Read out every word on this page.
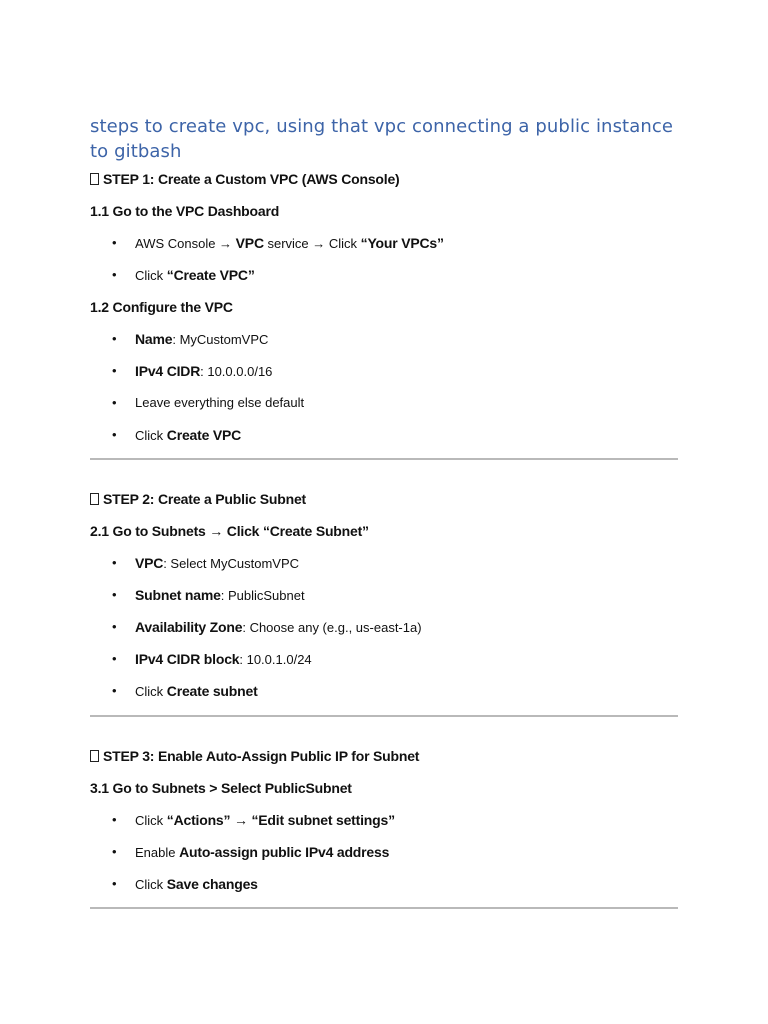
steps to create vpc, using that vpc connecting a public instance to gitbash
STEP 1: Create a Custom VPC (AWS Console)
1.1 Go to the VPC Dashboard
• AWS Console → VPC service → Click “Your VPCs”
• Click “Create VPC”
1.2 Configure the VPC
• Name: MyCustomVPC
• IPv4 CIDR: 10.0.0.0/16
• Leave everything else default
• Click Create VPC
STEP 2: Create a Public Subnet
2.1 Go to Subnets → Click “Create Subnet”
• VPC: Select MyCustomVPC
• Subnet name: PublicSubnet
• Availability Zone: Choose any (e.g., us-east-1a)
• IPv4 CIDR block: 10.0.1.0/24
• Click Create subnet
STEP 3: Enable Auto-Assign Public IP for Subnet
3.1 Go to Subnets > Select PublicSubnet
• Click “Actions” → “Edit subnet settings”
• Enable Auto-assign public IPv4 address
• Click Save changes
